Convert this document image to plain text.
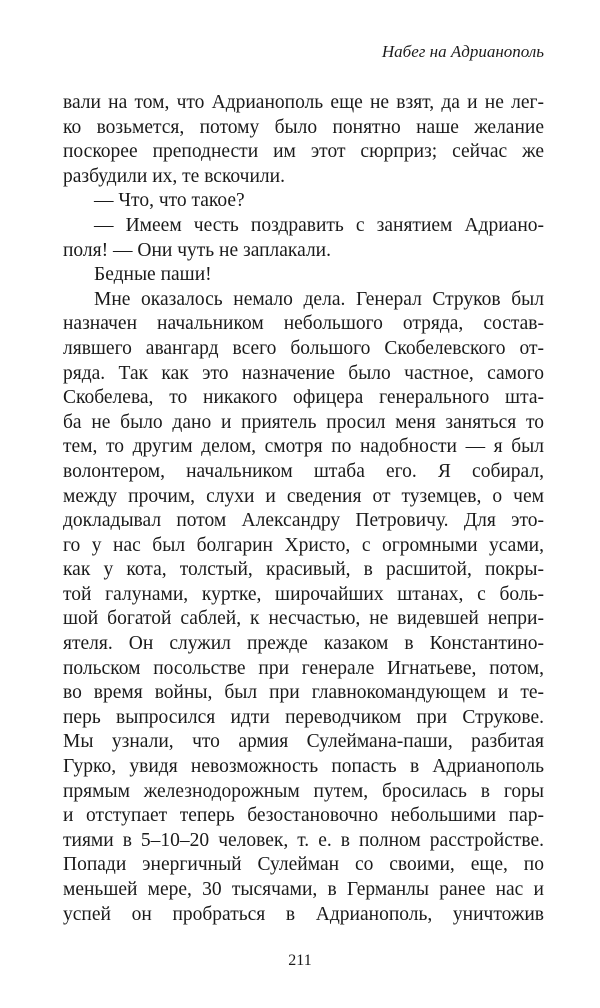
Набег на Адрианополь
вали на том, что Адрианополь еще не взят, да и не лег-
ко возьмется, потому было понятно наше желание
поскорее преподнести им этот сюрприз; сейчас же
разбудили их, те вскочили.
— Что, что такое?
— Имеем честь поздравить с занятием Адриано-
поля! — Они чуть не заплакали.
Бедные паши!
Мне оказалось немало дела. Генерал Струков был
назначен начальником небольшого отряда, состав-
лявшего авангард всего большого Скобелевского от-
ряда. Так как это назначение было частное, самого
Скобелева, то никакого офицера генерального шта-
ба не было дано и приятель просил меня заняться то
тем, то другим делом, смотря по надобности — я был
волонтером, начальником штаба его. Я собирал,
между прочим, слухи и сведения от туземцев, о чем
докладывал потом Александру Петровичу. Для это-
го у нас был болгарин Христо, с огромными усами,
как у кота, толстый, красивый, в расшитой, покры-
той галунами, куртке, широчайших штанах, с боль-
шой богатой саблей, к несчастью, не видевшей непри-
ятеля. Он служил прежде казаком в Константино-
польском посольстве при генерале Игнатьеве, потом,
во время войны, был при главнокомандующем и те-
перь выпросился идти переводчиком при Струкове.
Мы узнали, что армия Сулеймана-паши, разбитая
Гурко, увидя невозможность попасть в Адрианополь
прямым железнодорожным путем, бросилась в горы
и отступает теперь безостановочно небольшими пар-
тиями в 5–10–20 человек, т. е. в полном расстройстве.
Попади энергичный Сулейман со своими, еще, по
меньшей мере, 30 тысячами, в Германлы ранее нас и
успей он пробраться в Адрианополь, уничтожив
211
